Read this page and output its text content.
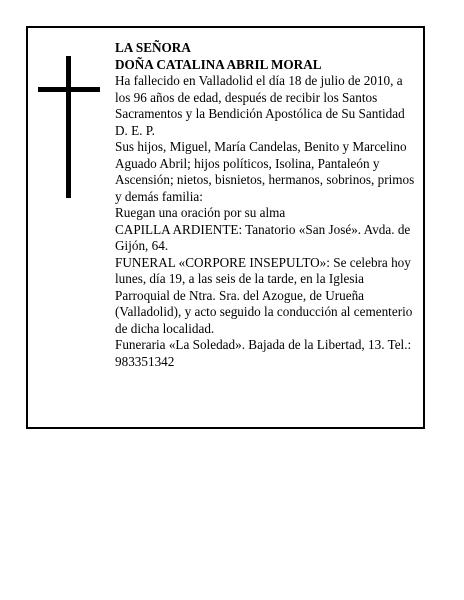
LA SEÑORA

DOÑA CATALINA ABRIL MORAL

Ha fallecido en Valladolid el día 18 de julio de 2010, a los 96 años de edad, después de recibir los Santos Sacramentos y la Bendición Apostólica de Su Santidad D. E. P.

Sus hijos, Miguel, María Candelas, Benito y Marcelino Aguado Abril; hijos políticos, Isolina, Pantaleón y Ascensión; nietos, bisnietos, hermanos, sobrinos, primos y demás familia:

Ruegan una oración por su alma

CAPILLA ARDIENTE: Tanatorio «San José». Avda. de Gijón, 64.

FUNERAL «CORPORE INSEPULTO»: Se celebra hoy lunes, día 19, a las seis de la tarde, en la Iglesia Parroquial de Ntra. Sra. del Azogue, de Urueña (Valladolid), y acto seguido la conducción al cementerio de dicha localidad.

Funeraria «La Soledad». Bajada de la Libertad, 13. Tel.: 983351342
